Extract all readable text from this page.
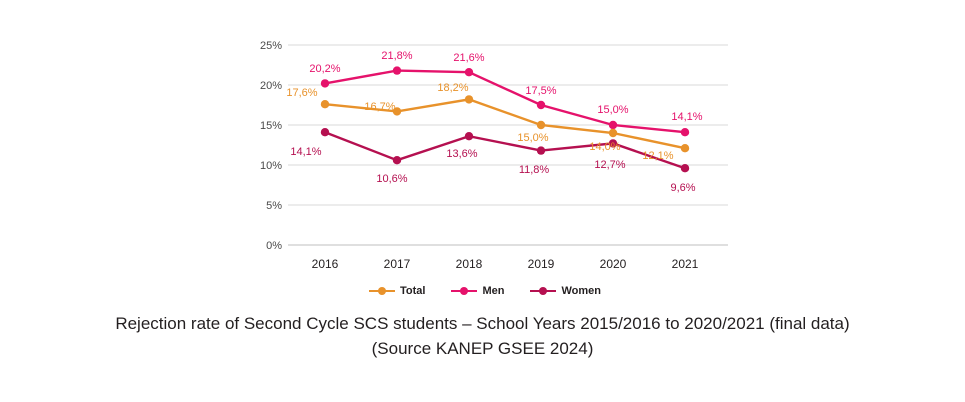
25%
20%
15%
10%
5%
0%
2016	2017	2018	2019	2020	2021
20,2%
21,8%	21,6%
17,5%
15,0%
14,1%
17,6%
16,7%
18,2%
15,0%
14,0%
12,1%
14,1%
10,6%
13,6%
11,8%	12,7%
9,6%
Total	Men	Women
Rejection rate of Second Cycle SCS students – School Years 2015/2016 to 2020/2021 (final data)
(Source KANEP GSEE 2024)
